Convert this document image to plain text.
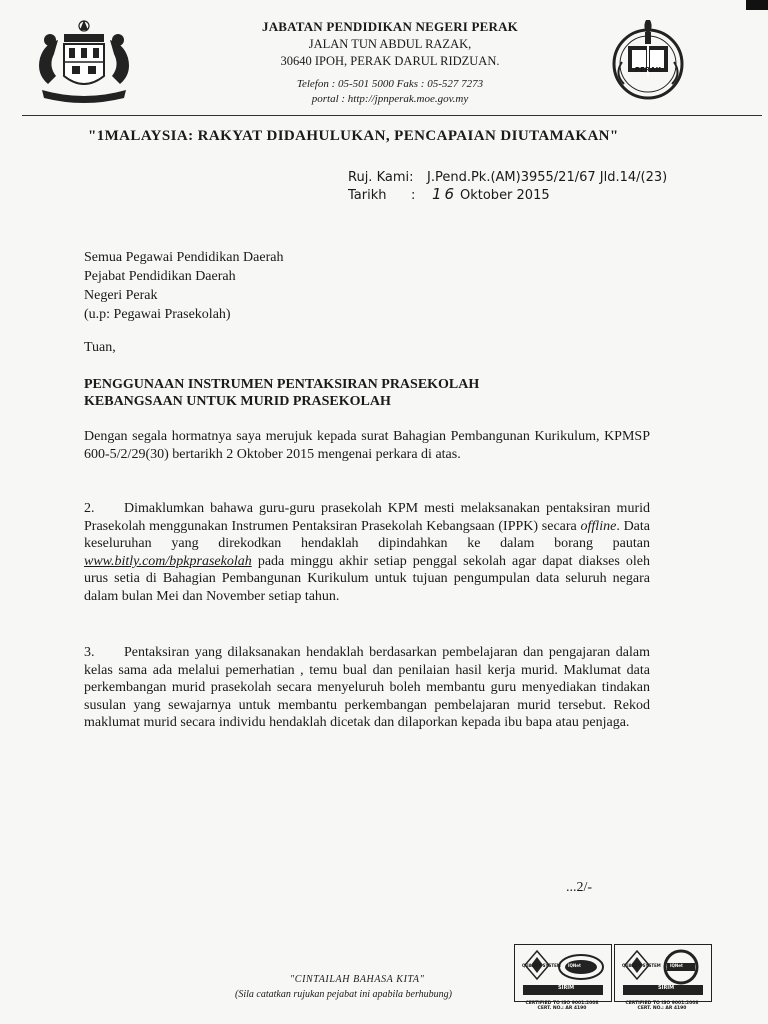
JABATAN PENDIDIKAN NEGERI PERAK
JALAN TUN ABDUL RAZAK,
30640 IPOH, PERAK DARUL RIDZUAN.
Telefon : 05-501 5000 Faks : 05-527 7273
portal : http://jpnperak.moe.gov.my
PERAK
"1MALAYSIA: RAKYAT DIDAHULUKAN, PENCAPAIAN DIUTAMAKAN"
Ruj. Kami: J.Pend.Pk.(AM)3955/21/67 Jld.14/(23)
Tarikh : 16 Oktober 2015
Semua Pegawai Pendidikan Daerah
Pejabat Pendidikan Daerah
Negeri Perak
(u.p: Pegawai Prasekolah)
Tuan,
PENGGUNAAN INSTRUMEN PENTAKSIRAN PRASEKOLAH
KEBANGSAAN UNTUK MURID PRASEKOLAH
Dengan segala hormatnya saya merujuk kepada surat Bahagian Pembangunan Kurikulum, KPMSP 600-5/2/29(30) bertarikh 2 Oktober 2015 mengenai perkara di atas.
2. Dimaklumkan bahawa guru-guru prasekolah KPM mesti melaksanakan pentaksiran murid Prasekolah menggunakan Instrumen Pentaksiran Prasekolah Kebangsaan (IPPK) secara offline. Data keseluruhan yang direkodkan hendaklah dipindahkan ke dalam borang pautan www.bitly.com/bpkprasekolah pada minggu akhir setiap penggal sekolah agar dapat diakses oleh urus setia di Bahagian Pembangunan Kurikulum untuk tujuan pengumpulan data seluruh negara dalam bulan Mei dan November setiap tahun.
3. Pentaksiran yang dilaksanakan hendaklah berdasarkan pembelajaran dan pengajaran dalam kelas sama ada melalui pemerhatian , temu bual dan penilaian hasil kerja murid. Maklumat data perkembangan murid prasekolah secara menyeluruh boleh membantu guru menyediakan tindakan susulan yang sewajarnya untuk membantu perkembangan pembelajaran murid tersebut. Rekod maklumat murid secara individu hendaklah dicetak dan dilaporkan kepada ibu bapa atau penjaga.
...2/-
"CINTAILAH BAHASA KITA"
(Sila catatkan rujukan pejabat ini apabila berhubung)
QUALITY SYSTEM
SIRIM
IQNet
CERTIFIED TO ISO 9001:2008
CERT. NO.: AR 4190
QUALITY SYSTEM
SIRIM
IQNet
CERTIFIED TO ISO 9001:2008
CERT. NO.: AR 4190
